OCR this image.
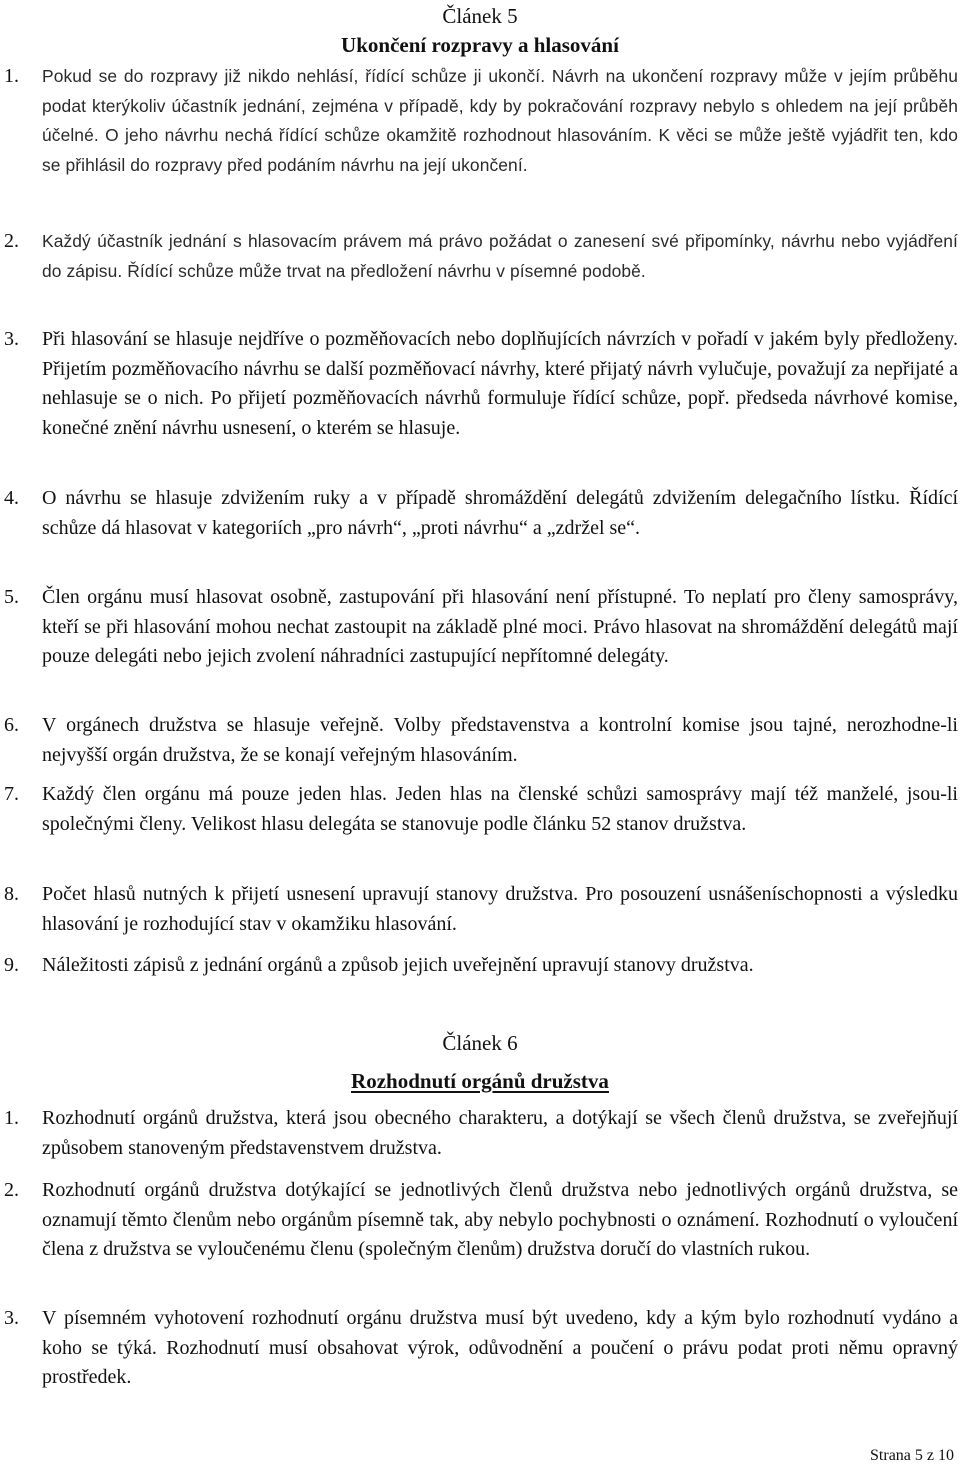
Článek 5
Ukončení rozpravy a hlasování
1. Pokud se do rozpravy již nikdo nehlásí, řídící schůze ji ukončí. Návrh na ukončení rozpravy může v jejím průběhu podat kterýkoliv účastník jednání, zejména v případě, kdy by pokračování rozpravy nebylo s ohledem na její průběh účelné. O jeho návrhu nechá řídící schůze okamžitě rozhodnout hlasováním. K věci se může ještě vyjádřit ten, kdo se přihlásil do rozpravy před podáním návrhu na její ukončení.
2. Každý účastník jednání s hlasovacím právem má právo požádat o zanesení své připomínky, návrhu nebo vyjádření do zápisu. Řídící schůze může trvat na předložení návrhu v písemné podobě.
3. Při hlasování se hlasuje nejdříve o pozměňovacích nebo doplňujících návrzích v pořadí v jakém byly předloženy. Přijetím pozměňovacího návrhu se další pozměňovací návrhy, které přijatý návrh vylučuje, považují za nepřijaté a nehlasuje se o nich. Po přijetí pozměňovacích návrhů formuluje řídící schůze, popř. předseda návrhové komise, konečné znění návrhu usnesení, o kterém se hlasuje.
4. O návrhu se hlasuje zdvižením ruky a v případě shromáždění delegátů zdvižením delegačního lístku. Řídící schůze dá hlasovat v kategoriích „pro návrh“, „proti návrhu“ a „zdržel se“.
5. Člen orgánu musí hlasovat osobně, zastupování při hlasování není přístupné. To neplatí pro členy samosprávy, kteří se při hlasování mohou nechat zastoupit na základě plné moci. Právo hlasovat na shromáždění delegátů mají pouze delegáti nebo jejich zvolení náhradníci zastupující nepřítomné delegáty.
6. V orgánech družstva se hlasuje veřejně. Volby představenstva a kontrolní komise jsou tajné, nerozhodne-li nejvyšší orgán družstva, že se konají veřejným hlasováním.
7. Každý člen orgánu má pouze jeden hlas. Jeden hlas na členské schůzi samosprávy mají též manželé, jsou-li společnými členy. Velikost hlasu delegáta se stanovuje podle článku 52 stanov družstva.
8. Počet hlasů nutných k přijetí usnesení upravují stanovy družstva. Pro posouzení usnášeníschopnosti a výsledku hlasování je rozhodující stav v okamžiku hlasování.
9. Náležitosti zápisů z jednání orgánů a způsob jejich uveřejnění upravují stanovy družstva.
Článek 6
Rozhodnutí orgánů družstva
1. Rozhodnutí orgánů družstva, která jsou obecného charakteru, a dotýkají se všech členů družstva, se zveřejňují způsobem stanoveným představenstvem družstva.
2. Rozhodnutí orgánů družstva dotýkající se jednotlivých členů družstva nebo jednotlivých orgánů družstva, se oznamují těmto členům nebo orgánům písemně tak, aby nebylo pochybnosti o oznámení. Rozhodnutí o vyloučení člena z družstva se vyloučenému členu (společným členům) družstva doručí do vlastních rukou.
3. V písemném vyhotovení rozhodnutí orgánu družstva musí být uvedeno, kdy a kým bylo rozhodnutí vydáno a koho se týká. Rozhodnutí musí obsahovat výrok, odůvodnění a poučení o právu podat proti němu opravný prostředek.
Strana 5 z 10
